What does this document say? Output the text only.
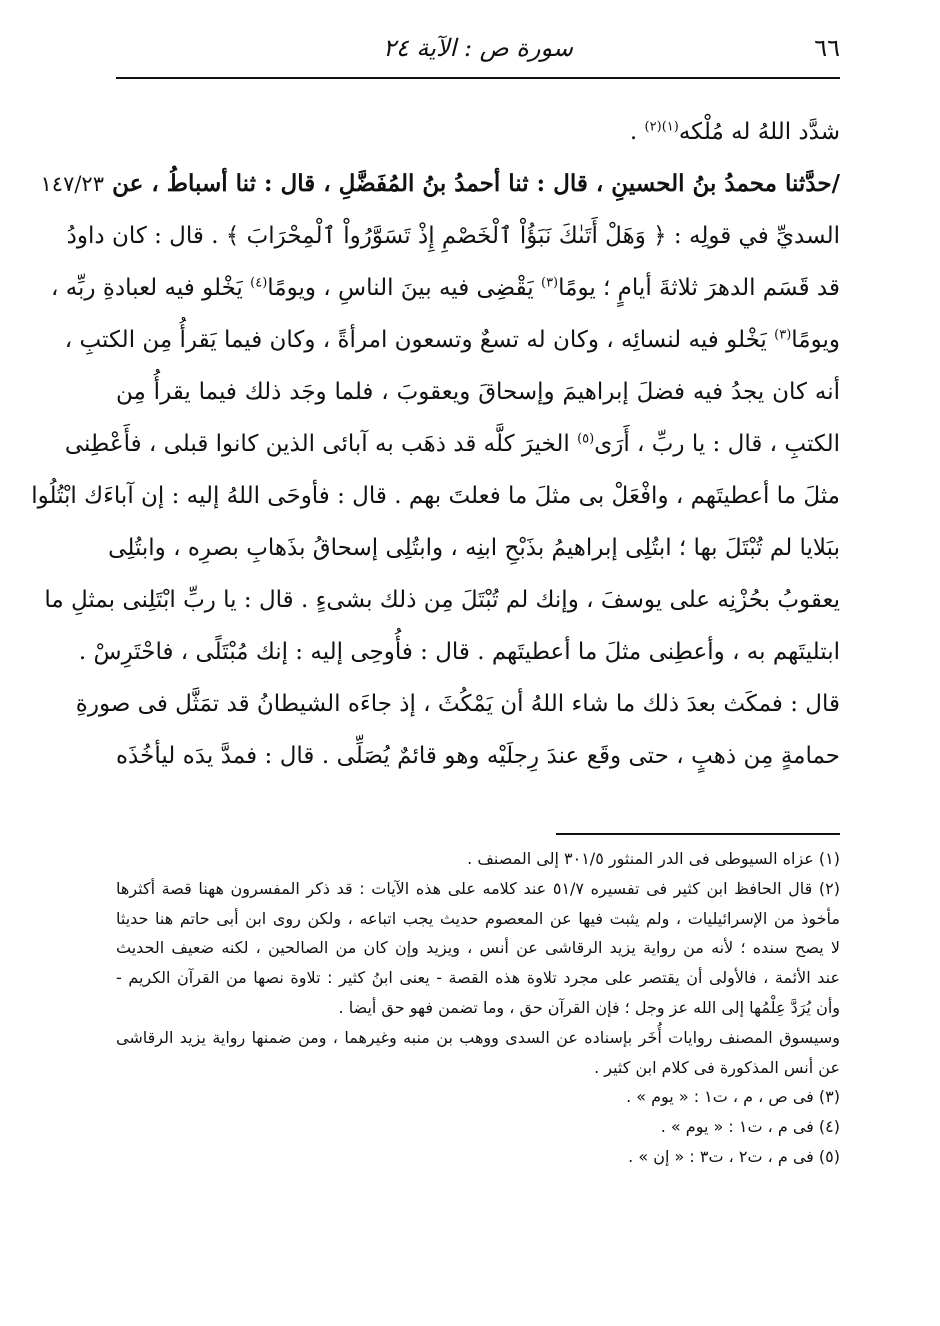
٦٦
سورة ص : الآية ٢٤
شدَّد اللهُ له مُلْكه$^{(١)(٢)}$ .
/حدَّثنا محمدُ بنُ الحسينِ ، قال : ثنا أحمدُ بنُ المُفَضَّلِ ، قال : ثنا أسباطُ ، عن
السديِّ في قولِه : ﴿ وَهَلْ أَتَىٰكَ نَبَؤُاْ ٱلْخَصْمِ إِذْ تَسَوَّرُواْ ٱلْمِحْرَابَ ﴾ . قال : كان داودُ
قد قَسَم الدهرَ ثلاثةَ أيامٍ ؛ يومًا$^{(٣)}$ يَقْضِى فيه بينَ الناسِ ، ويومًا$^{(٤)}$ يَخْلو فيه لعبادةِ ربِّه ،
ويومًا$^{(٣)}$ يَخْلو فيه لنسائِه ، وكان له تسعٌ وتسعون امرأةً ، وكان فيما يَقرأُ مِن الكتبِ ،
أنه كان يجدُ فيه فضلَ إبراهيمَ وإسحاقَ ويعقوبَ ، فلما وجَد ذلك فيما يقرأُ مِن
الكتبِ ، قال : يا ربِّ ، أَرَى$^{(٥)}$ الخيرَ كلَّه قد ذهَب به آبائى الذين كانوا قبلى ، فأَعْطِنى
مثلَ ما أعطيتَهم ، وافْعَلْ بى مثلَ ما فعلتَ بهم . قال : فأوحَى اللهُ إليه : إن آباءَك ابْتُلُوا
ببَلايا لم تُبْتَلَ بها ؛ ابتُلِى إبراهيمُ بذَبْحِ ابنِه ، وابتُلِى إسحاقُ بذَهابِ بصرِه ، وابتُلِى
يعقوبُ بحُزْنِه على يوسفَ ، وإنك لم تُبْتَلَ مِن ذلك بشىءٍ . قال : يا ربِّ ابْتَلِنى بمثلِ ما
ابتليتَهم به ، وأعطِنى مثلَ ما أعطيتَهم . قال : فأُوحِى إليه : إنك مُبْتَلًى ، فاحْتَرِسْ .
قال : فمكَث بعدَ ذلك ما شاء اللهُ أن يَمْكُثَ ، إذ جاءَه الشيطانُ قد تمَثَّل فى صورةِ
حمامةٍ مِن ذهبٍ ، حتى وقَع عندَ رِجلَيْه وهو قائمٌ يُصَلِّى . قال : فمدَّ يدَه ليأخُذَه
١٤٧/٢٣
(١) عزاه السيوطى فى الدر المنثور ٣٠١/٥ إلى المصنف .
(٢) قال الحافظ ابن كثير فى تفسيره ٥١/٧ عند كلامه على هذه الآيات : قد ذكر المفسرون ههنا قصة أكثرها
مأخوذ من الإسرائيليات ، ولم يثبت فيها عن المعصوم حديث يجب اتباعه ، ولكن روى ابن أبى حاتم هنا حديثا
لا يصح سنده ؛ لأنه من رواية يزيد الرقاشى عن أنس ، ويزيد وإن كان من الصالحين ، لكنه ضعيف الحديث
عند الأئمة ، فالأولى أن يقتصر على مجرد تلاوة هذه القصة - يعنى ابنُ كثير : تلاوة نصها من القرآن الكريم -
وأن يُرَدَّ عِلْمُها إلى الله عز وجل ؛ فإن القرآن حق ، وما تضمن فهو حق أيضا .
وسيسوق المصنف روايات أُخَر بإسناده عن السدى ووهب بن منبه وغيرهما ، ومن ضمنها رواية يزيد الرقاشى
عن أنس المذكورة فى كلام ابن كثير .
(٣) فى ص ، م ، ت١ : « يوم » .
(٤) فى م ، ت١ : « يوم » .
(٥) فى م ، ت٢ ، ت٣ : « إن » .
